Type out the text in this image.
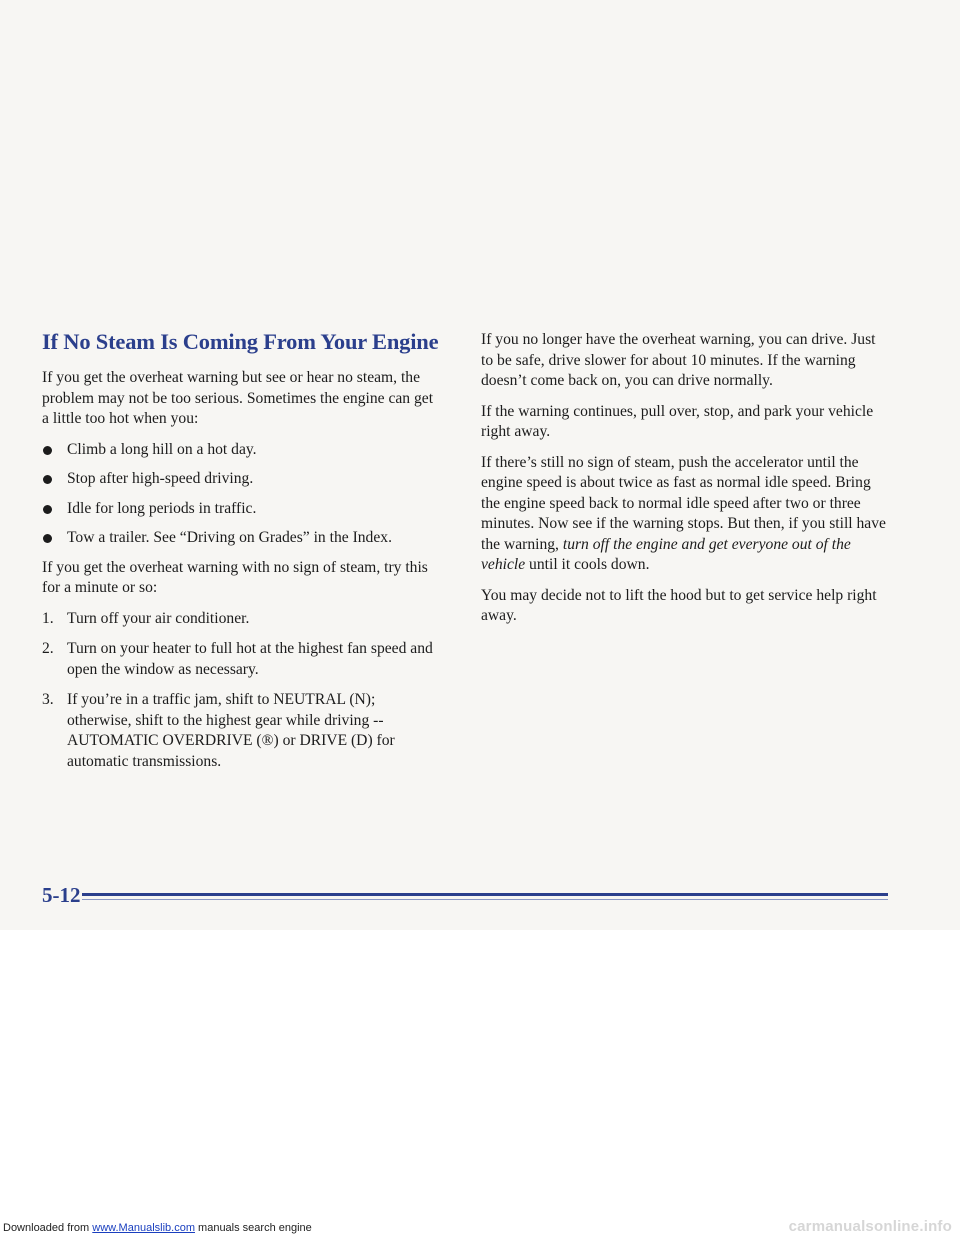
If No Steam Is Coming From Your Engine

If you get the overheat warning but see or hear no steam, the problem may not be too serious. Sometimes the engine can get a little too hot when you:

Climb a long hill on a hot day.
Stop after high-speed driving.
Idle for long periods in traffic.
Tow a trailer. See “Driving on Grades” in the Index.

If you get the overheat warning with no sign of steam, try this for a minute or so:

1. Turn off your air conditioner.
2. Turn on your heater to full hot at the highest fan speed and open the window as necessary.
3. If you’re in a traffic jam, shift to NEUTRAL (N); otherwise, shift to the highest gear while driving -- AUTOMATIC OVERDRIVE (®) or DRIVE (D) for automatic transmissions.

If you no longer have the overheat warning, you can drive. Just to be safe, drive slower for about 10 minutes. If the warning doesn’t come back on, you can drive normally.

If the warning continues, pull over, stop, and park your vehicle right away.

If there’s still no sign of steam, push the accelerator until the engine speed is about twice as fast as normal idle speed. Bring the engine speed back to normal idle speed after two or three minutes. Now see if the warning stops. But then, if you still have the warning, turn off the engine and get everyone out of the vehicle until it cools down.

You may decide not to lift the hood but to get service help right away.

5-12
Downloaded from www.Manualslib.com manuals search engine	carmanualsonline.info
